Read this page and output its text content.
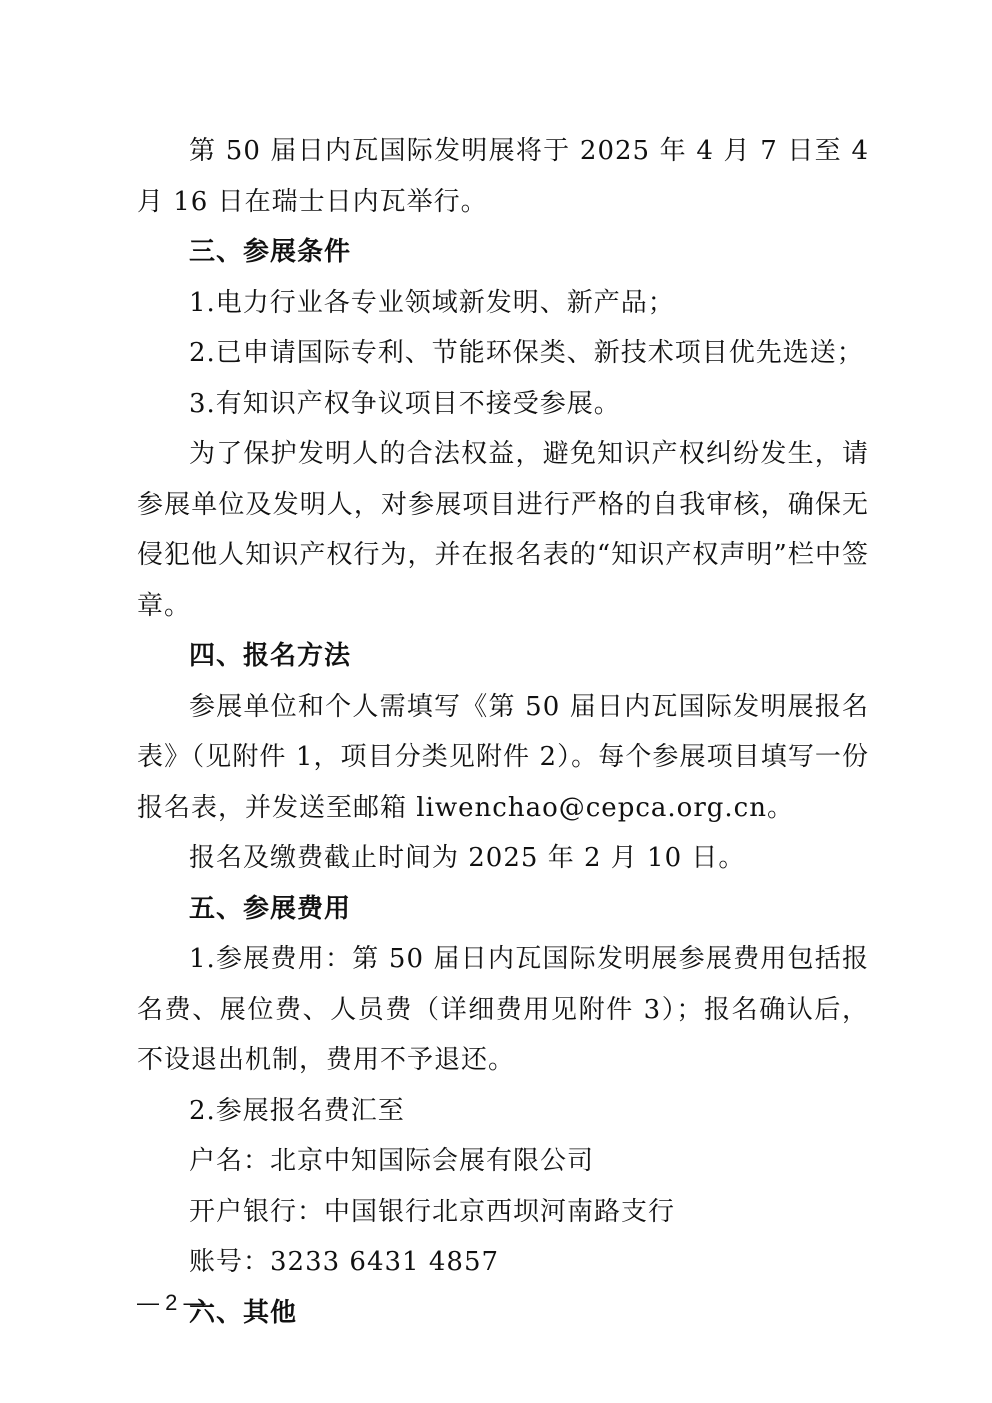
第 50 届日内瓦国际发明展将于 2025 年 4 月 7 日至 4 月 16 日在瑞士日内瓦举行。

三、参展条件

1.电力行业各专业领域新发明、新产品；

2.已申请国际专利、节能环保类、新技术项目优先选送；

3.有知识产权争议项目不接受参展。

为了保护发明人的合法权益，避免知识产权纠纷发生，请参展单位及发明人，对参展项目进行严格的自我审核，确保无侵犯他人知识产权行为，并在报名表的“知识产权声明”栏中签章。

四、报名方法

参展单位和个人需填写《第 50 届日内瓦国际发明展报名表》（见附件 1，项目分类见附件 2）。每个参展项目填写一份报名表，并发送至邮箱 liwenchao@cepca.org.cn。

报名及缴费截止时间为 2025 年 2 月 10 日。

五、参展费用

1.参展费用：第 50 届日内瓦国际发明展参展费用包括报名费、展位费、人员费（详细费用见附件 3）；报名确认后，不设退出机制，费用不予退还。

2.参展报名费汇至

户名：北京中知国际会展有限公司

开户银行：中国银行北京西坝河南路支行

账号：3233 6431 4857

六、其他

— 2 —
